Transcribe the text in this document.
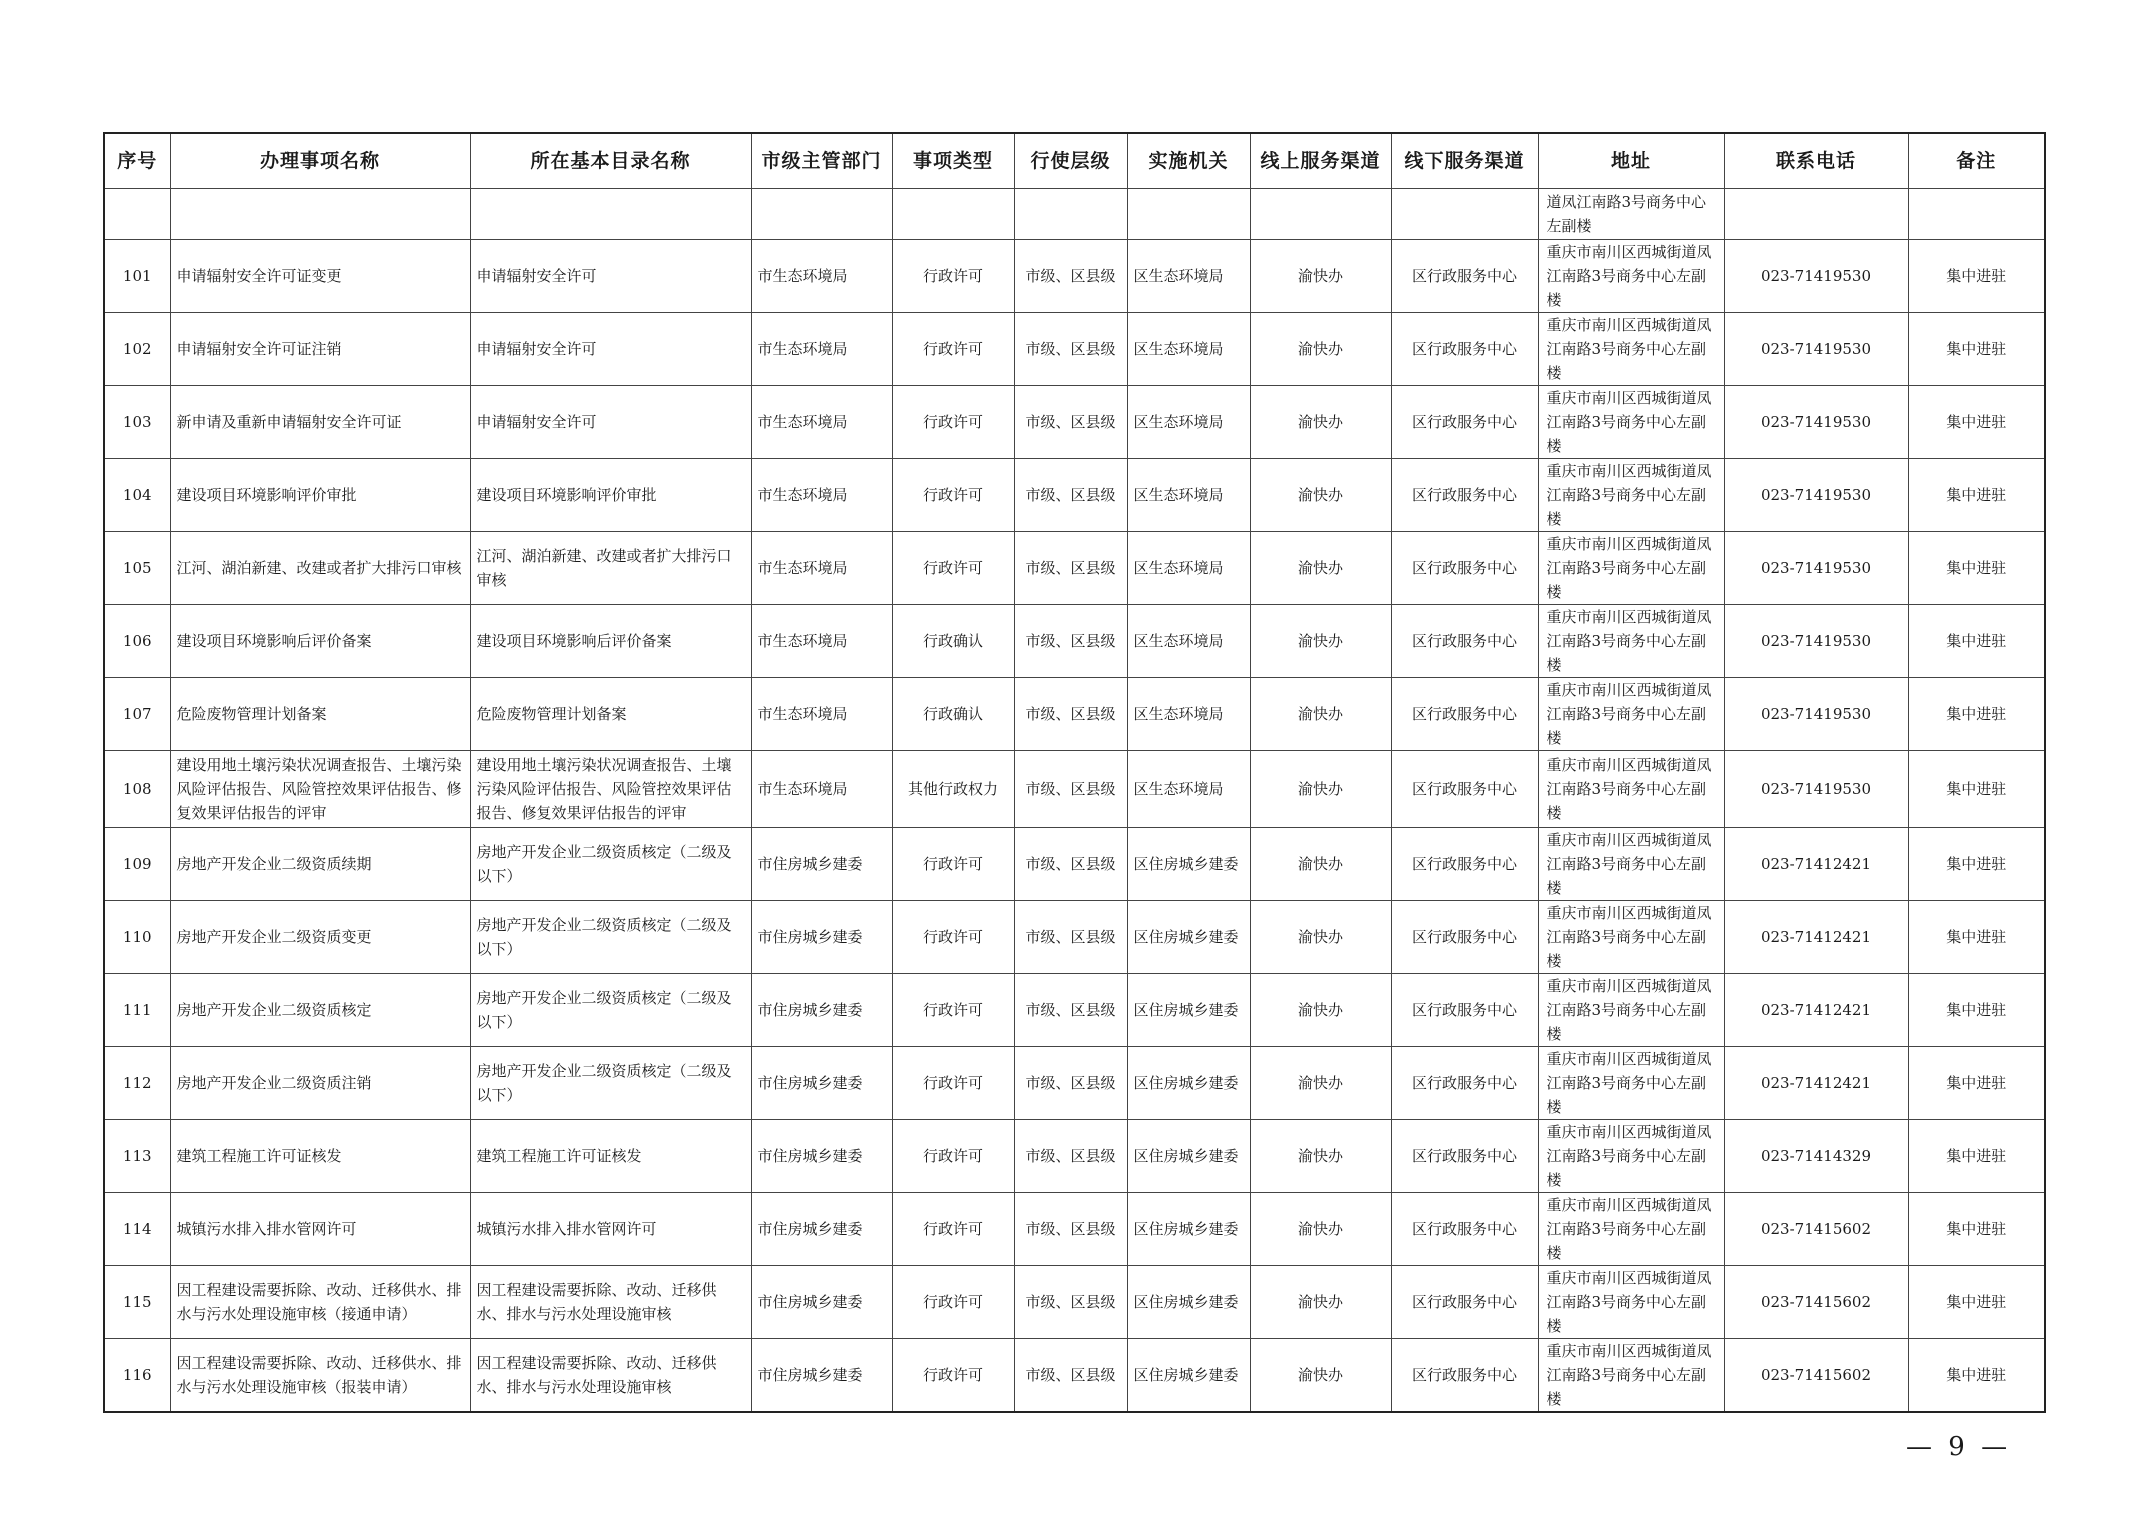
序号	办理事项名称	所在基本目录名称	市级主管部门	事项类型	行使层级	实施机关	线上服务渠道	线下服务渠道	地址	联系电话	备注
									道凤江南路3号商务中心左副楼		
101	申请辐射安全许可证变更	申请辐射安全许可	市生态环境局	行政许可	市级、区县级	区生态环境局	渝快办	区行政服务中心	重庆市南川区西城街道凤江南路3号商务中心左副楼	023-71419530	集中进驻
102	申请辐射安全许可证注销	申请辐射安全许可	市生态环境局	行政许可	市级、区县级	区生态环境局	渝快办	区行政服务中心	重庆市南川区西城街道凤江南路3号商务中心左副楼	023-71419530	集中进驻
103	新申请及重新申请辐射安全许可证	申请辐射安全许可	市生态环境局	行政许可	市级、区县级	区生态环境局	渝快办	区行政服务中心	重庆市南川区西城街道凤江南路3号商务中心左副楼	023-71419530	集中进驻
104	建设项目环境影响评价审批	建设项目环境影响评价审批	市生态环境局	行政许可	市级、区县级	区生态环境局	渝快办	区行政服务中心	重庆市南川区西城街道凤江南路3号商务中心左副楼	023-71419530	集中进驻
105	江河、湖泊新建、改建或者扩大排污口审核	江河、湖泊新建、改建或者扩大排污口审核	市生态环境局	行政许可	市级、区县级	区生态环境局	渝快办	区行政服务中心	重庆市南川区西城街道凤江南路3号商务中心左副楼	023-71419530	集中进驻
106	建设项目环境影响后评价备案	建设项目环境影响后评价备案	市生态环境局	行政确认	市级、区县级	区生态环境局	渝快办	区行政服务中心	重庆市南川区西城街道凤江南路3号商务中心左副楼	023-71419530	集中进驻
107	危险废物管理计划备案	危险废物管理计划备案	市生态环境局	行政确认	市级、区县级	区生态环境局	渝快办	区行政服务中心	重庆市南川区西城街道凤江南路3号商务中心左副楼	023-71419530	集中进驻
108	建设用地土壤污染状况调查报告、土壤污染风险评估报告、风险管控效果评估报告、修复效果评估报告的评审	建设用地土壤污染状况调查报告、土壤污染风险评估报告、风险管控效果评估报告、修复效果评估报告的评审	市生态环境局	其他行政权力	市级、区县级	区生态环境局	渝快办	区行政服务中心	重庆市南川区西城街道凤江南路3号商务中心左副楼	023-71419530	集中进驻
109	房地产开发企业二级资质续期	房地产开发企业二级资质核定（二级及以下）	市住房城乡建委	行政许可	市级、区县级	区住房城乡建委	渝快办	区行政服务中心	重庆市南川区西城街道凤江南路3号商务中心左副楼	023-71412421	集中进驻
110	房地产开发企业二级资质变更	房地产开发企业二级资质核定（二级及以下）	市住房城乡建委	行政许可	市级、区县级	区住房城乡建委	渝快办	区行政服务中心	重庆市南川区西城街道凤江南路3号商务中心左副楼	023-71412421	集中进驻
111	房地产开发企业二级资质核定	房地产开发企业二级资质核定（二级及以下）	市住房城乡建委	行政许可	市级、区县级	区住房城乡建委	渝快办	区行政服务中心	重庆市南川区西城街道凤江南路3号商务中心左副楼	023-71412421	集中进驻
112	房地产开发企业二级资质注销	房地产开发企业二级资质核定（二级及以下）	市住房城乡建委	行政许可	市级、区县级	区住房城乡建委	渝快办	区行政服务中心	重庆市南川区西城街道凤江南路3号商务中心左副楼	023-71412421	集中进驻
113	建筑工程施工许可证核发	建筑工程施工许可证核发	市住房城乡建委	行政许可	市级、区县级	区住房城乡建委	渝快办	区行政服务中心	重庆市南川区西城街道凤江南路3号商务中心左副楼	023-71414329	集中进驻
114	城镇污水排入排水管网许可	城镇污水排入排水管网许可	市住房城乡建委	行政许可	市级、区县级	区住房城乡建委	渝快办	区行政服务中心	重庆市南川区西城街道凤江南路3号商务中心左副楼	023-71415602	集中进驻
115	因工程建设需要拆除、改动、迁移供水、排水与污水处理设施审核（接通申请）	因工程建设需要拆除、改动、迁移供水、排水与污水处理设施审核	市住房城乡建委	行政许可	市级、区县级	区住房城乡建委	渝快办	区行政服务中心	重庆市南川区西城街道凤江南路3号商务中心左副楼	023-71415602	集中进驻
116	因工程建设需要拆除、改动、迁移供水、排水与污水处理设施审核（报装申请）	因工程建设需要拆除、改动、迁移供水、排水与污水处理设施审核	市住房城乡建委	行政许可	市级、区县级	区住房城乡建委	渝快办	区行政服务中心	重庆市南川区西城街道凤江南路3号商务中心左副楼	023-71415602	集中进驻
— 9 —
